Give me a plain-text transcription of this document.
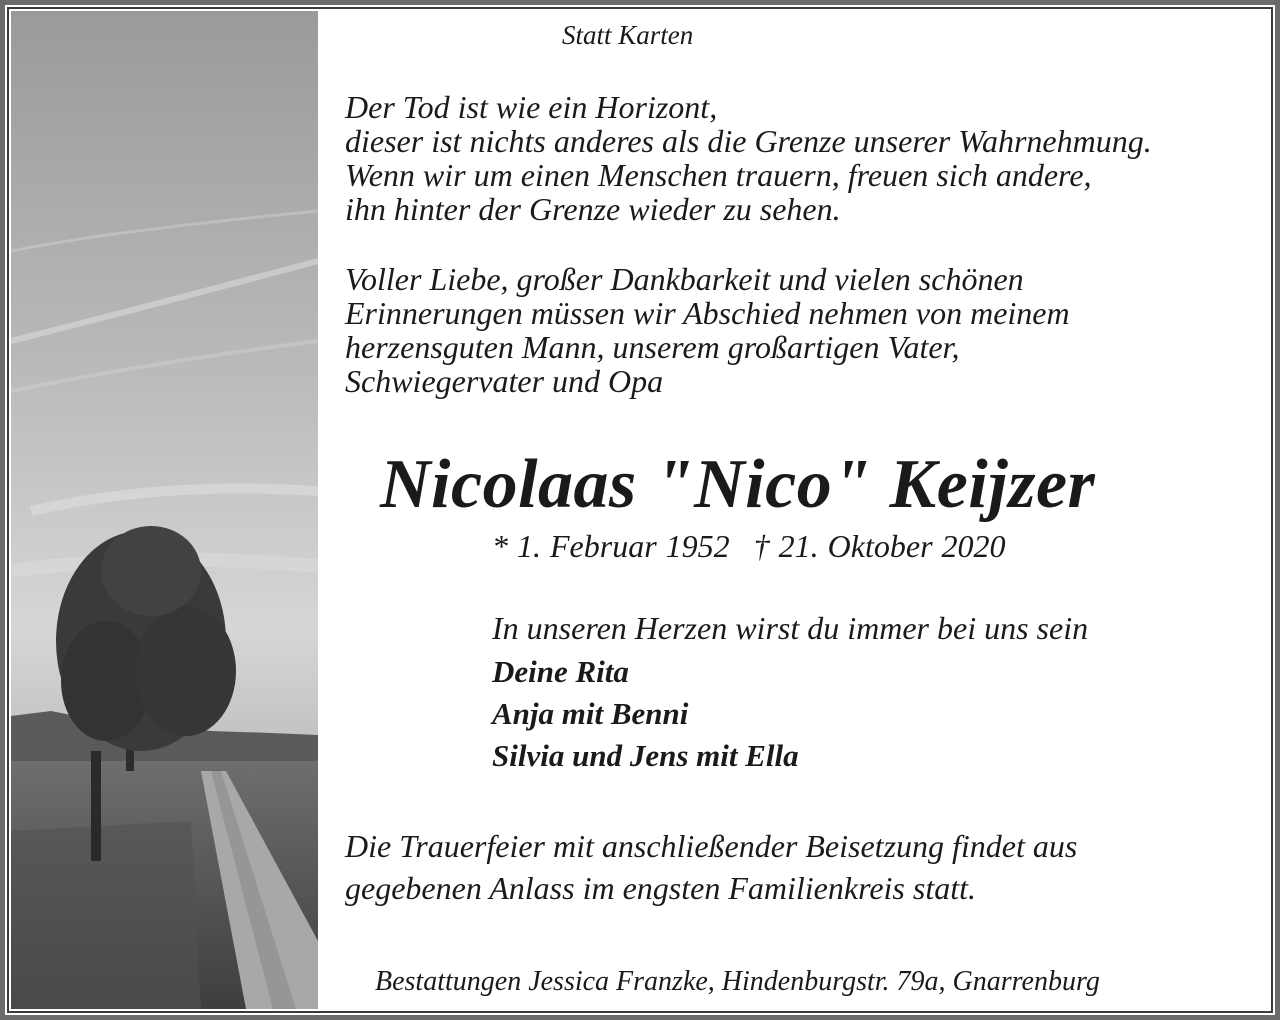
Statt Karten
Der Tod ist wie ein Horizont,
dieser ist nichts anderes als die Grenze unserer Wahrnehmung.
Wenn wir um einen Menschen trauern, freuen sich andere,
ihn hinter der Grenze wieder zu sehen.
Voller Liebe, großer Dankbarkeit und vielen schönen
Erinnerungen müssen wir Abschied nehmen von meinem
herzensguten Mann, unserem großartigen Vater,
Schwiegervater und Opa
Nicolaas "Nico" Keijzer
* 1. Februar 1952 † 21. Oktober 2020
In unseren Herzen wirst du immer bei uns sein
Deine Rita
Anja mit Benni
Silvia und Jens mit Ella
Die Trauerfeier mit anschließender Beisetzung findet aus
gegebenen Anlass im engsten Familienkreis statt.
Bestattungen Jessica Franzke, Hindenburgstr. 79a, Gnarrenburg
